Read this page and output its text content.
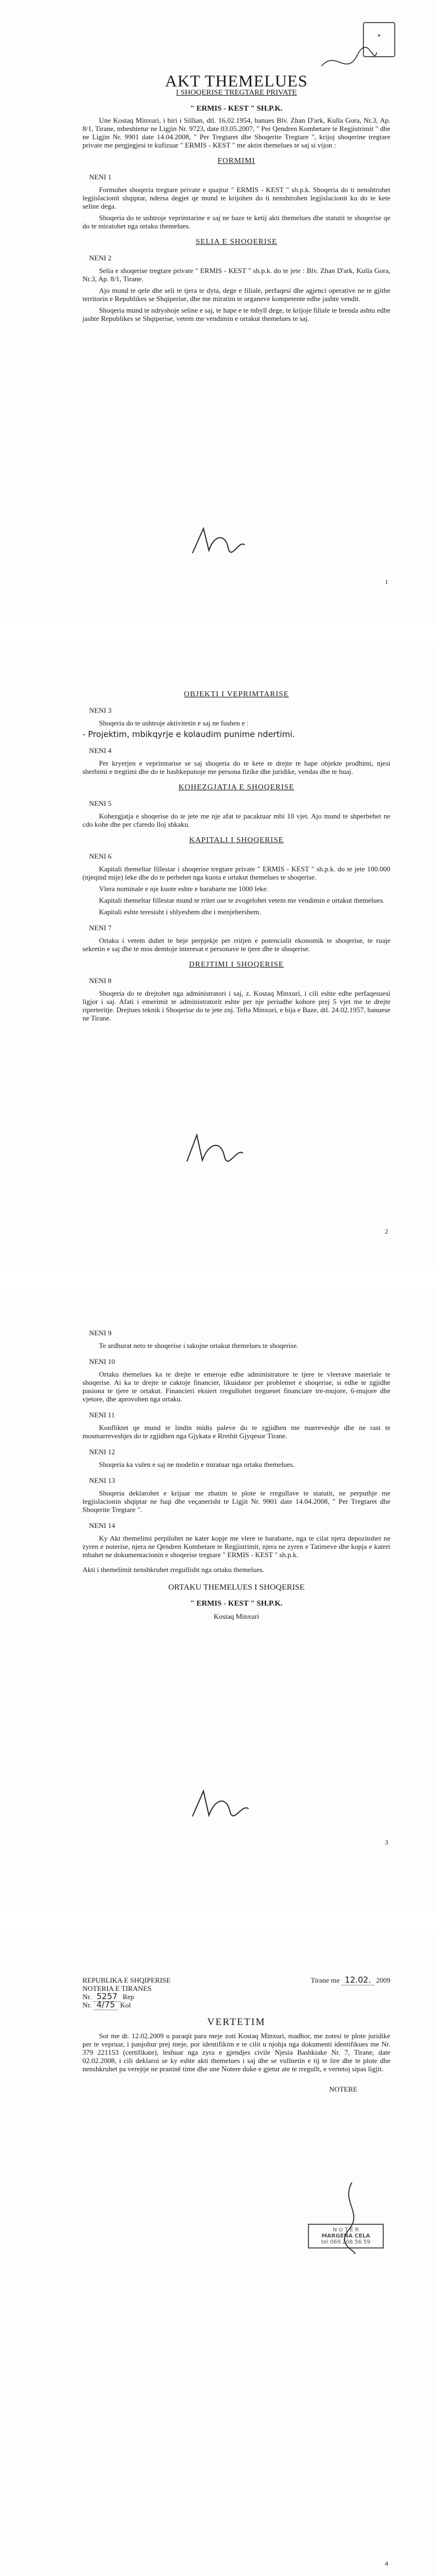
✦
AKT THEMELUES
I SHOQERISE TREGTARE PRIVATE
" ERMIS - KEST " SH.P.K.

Une Kostaq Minxuri, i biri i Sillian, dtl. 16.02.1954, banues Blv. Zhan D'ark, Kulla Gora, Nr.3, Ap. 8/1, Tirane, mbeshtetur ne Ligjin Nr. 9723, date 03.05.2007, " Per Qendren Kombetare te Regjistrimit " dhe ne Ligjin Nr. 9901 date 14.04.2008, " Per Tregtaret dhe Shoqerite Tregtare ", krijoj shoqerine tregtare private me pergjegjesi te kufizuar " ERMIS - KEST " me aktin themelues te saj si vijon :

FORMIMI
NENI 1

Formohet shoqeria tregtare private e quajtur " ERMIS - KEST " sh.p.k. Shoqeria do ti nenshtrohet legjislacionit shqiptar, ndersa degjet qe mund te krijohen do ti nenshtrohen legjislacionit ku do te kete seline dega.

Shoqeria do te ushtroje veprimtarine e saj ne baze te ketij akti themelues dhe statutit te shoqerise qe do te miratohet nga ortaku themelues.

SELIA E SHOQERISE
NENI 2

Selia e shoqerise tregtare private " ERMIS - KEST " sh.p.k. do te jete : Blv. Zhan D'ark, Kulla Gora, Nr.3, Ap. 8/1, Tirane.

Ajo mund te qele dhe seli te tjera te dyta, dege e filiale, perfaqesi dhe agjenci operative ne te gjithe territorin e Republikes se Shqiperise, dhe me miratim te organeve kompetente edhe jashte vendit.

Shoqeria mund te ndryshoje seline e saj, te hape e te mbyll dege, te krijoje filiale te brenda ashtu edhe jashte Republikes se Shqiperise, vetem me vendimin e ortakut themelues te saj.

1
OBJEKTI I VEPRIMTARISE
NENI 3

Shoqeria do te ushtroje aktivitetin e saj ne fushen e :

- Projektim, mbikqyrje e kolaudim punime ndertimi.

NENI 4

Per kryerjen e veprimtarise se saj shoqeria do te kete te drejte te hape objekte prodhimi, njesi sherbimi e tregtimi dhe do te bashkepunoje me persona fizike dhe juridike, vendas dhe te huaj.

KOHEZGJATJA E SHOQERISE
NENI 5

Kohezgjatja e shoqerise do te jete me nje afat te pacaktuar mbi 10 vjet. Ajo mund te shperbehet ne cdo kohe dhe per cfaredo lloj shkaku.

KAPITALI I SHOQERISE
NENI 6

Kapitali themeltar fillestar i shoqerise tregtare private " ERMIS - KEST " sh.p.k. do te jete 100.000 (njeqind mije) leke dhe do te perbehet nga kuota e ortakut themelues te shoqerise.

Vlera nominale e nje kuote eshte e barabarte me 1000 leke.

Kapitali themeltar fillestar mund te rritet ose te zvogelohet vetem me vendimin e ortakut themelues.

Kapitali eshte teresisht i shlyeshem dhe i menjehershem.

NENI 7

Ortaku i vetem duhet te beje perpjekje per rritjen e potencialit ekonomik te shoqerise, te ruaje sekretin e saj dhe te mos demtoje interesat e personave te tjere dhe te shoqerise.

DREJTIMI I SHOQERISE
NENI 8

Shoqeria do te drejtohet nga administratori i saj, z. Kostaq Minxuri, i cili eshte edhe perfaqesuesi ligjor i saj. Afati i emerimit te administratorit eshte per nje periudhe kohore prej 5 vjet me te drejte riperteritje. Drejtues teknik i Shoqerise do te jete znj. Tefta Minxuri, e bija e Baze, dtl. 24.02.1957, banuese ne Tirane.

2
NENI 9

Te ardhurat neto te shoqerise i takojne ortakut themelues te shoqerise.

NENI 10

Ortaku themelues ka te drejte te emeroje edhe administratore te tjere te vleerave materiale te shoqerise. Ai ka te drejte te caktoje financier, likuidator per problemet e shoqerise, si edhe te zgjidhe pasiona te tjere te ortakut. Financieri eksiert rregullohet tregueset financiare tre-mujore, 6-mujore dhe vjetore, dhe aprovohen nga ortaku.

NENI 11

Konfliktet qe mund te lindin midis paleve do te zgjidhen me marreveshje dhe ne rast te mosmarreveshjes do te zgjidhen nga Gjykata e Rrethit Gjyqesor Tirane.

NENI 12

Shoqeria ka vulen e saj ne modelin e miratuar nga ortaku themelues.

NENI 13

Shoqeria deklarohet e krijuar me zbatim te plote te rregullave te statutit, ne perputhje me legjislacionin shqiptar ne fuqi dhe veçanerisht te Ligjit Nr. 9901 date 14.04.2008, " Per Tregtaret dhe Shoqerite Tregtare ".

NENI 14

Ky Akt themelimi perpilohet ne kater kopje me vlere te barabarte, nga te cilat njera depozitohet ne zyren e noterise, njera ne Qendren Kombetare te Regjistrimit, njera ne zyren e Tatimeve dhe kopja e katert mbahet ne dokumentacionin e shoqerise tregtare " ERMIS - KEST " sh.p.k.

Akti i themelimit nenshkruhet rregullisht nga ortaku themelues.

ORTAKU THEMELUES I SHOQERISE
" ERMIS - KEST " SH.P.K.
Kostaq Minxuri
3
REPUBLIKA E SHQIPERISE
NOTERIA E TIRANES
Nr. 5257 Rep
Nr. 4/75 Kol
Tirane me 12.02. 2009
VERTETIM

Sot me dt. 12.02.2009 u paraqit para meje zoti Kostaq Minxuri, madhor, me zotesi te plote juridike per te vepruar, i panjohur prej meje, por identifikim e te cilit u njohja nga dokumenti identifikues me Nr. 379 221153 (certifikate), leshuar nga zyra e gjendjes civile Njesia Bashkiake Nr. 7, Tirane, date 02.02.2008, i cili deklaroi se ky eshte akti themelues i saj dhe se vullnetin e tij te lire dhe te plote dhe nenshkruhet pa verejtje ne praninë time dhe une Notere duke e gjetur ate te rregullt, e vertetoj sipas ligjit.

NOTERE
N O T E R
MARGENA CELA
tel 069 208 56 59
4
